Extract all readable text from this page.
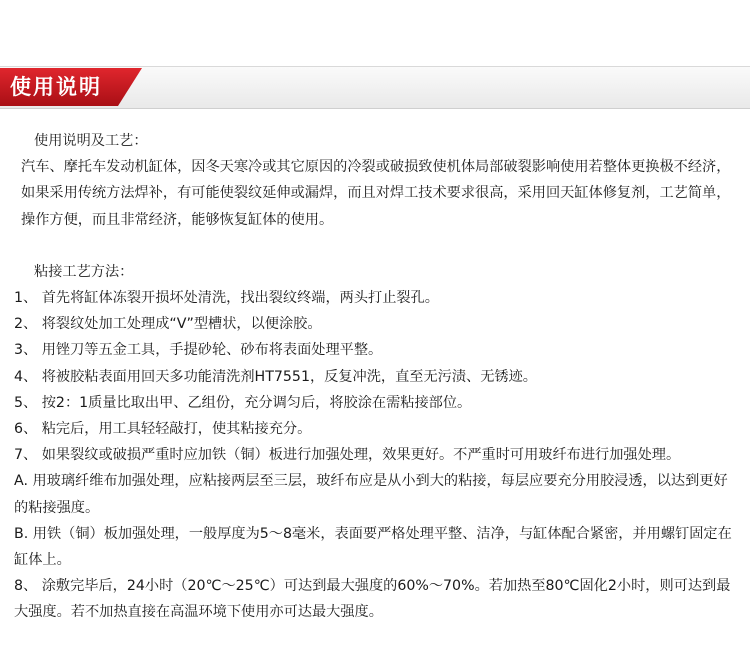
使用说明

使用说明及工艺：

汽车、摩托车发动机缸体，因冬天寒冷或其它原因的冷裂或破损致使机体局部破裂影响使用若整体更换极不经济，如果采用传统方法焊补，有可能使裂纹延伸或漏焊，而且对焊工技术要求很高，采用回天缸体修复剂，工艺简单，操作方便，而且非常经济，能够恢复缸体的使用。

粘接工艺方法：

1、 首先将缸体冻裂开损坏处清洗，找出裂纹终端，两头打止裂孔。

2、 将裂纹处加工处理成“V”型槽状，以便涂胶。

3、 用锉刀等五金工具，手提砂轮、砂布将表面处理平整。

4、 将被胶粘表面用回天多功能清洗剂HT7551，反复冲洗，直至无污渍、无锈迹。

5、 按2：1质量比取出甲、乙组份，充分调匀后，将胶涂在需粘接部位。

6、 粘完后，用工具轻轻敲打，使其粘接充分。

7、 如果裂纹或破损严重时应加铁（铜）板进行加强处理，效果更好。不严重时可用玻纤布进行加强处理。

A. 用玻璃纤维布加强处理，应粘接两层至三层，玻纤布应是从小到大的粘接，每层应要充分用胶浸透，以达到更好的粘接强度。

B. 用铁（铜）板加强处理，一般厚度为5～8毫米，表面要严格处理平整、洁净，与缸体配合紧密，并用螺钉固定在缸体上。

8、 涂敷完毕后，24小时（20℃～25℃）可达到最大强度的60%～70%。若加热至80℃固化2小时，则可达到最大强度。若不加热直接在高温环境下使用亦可达最大强度。
